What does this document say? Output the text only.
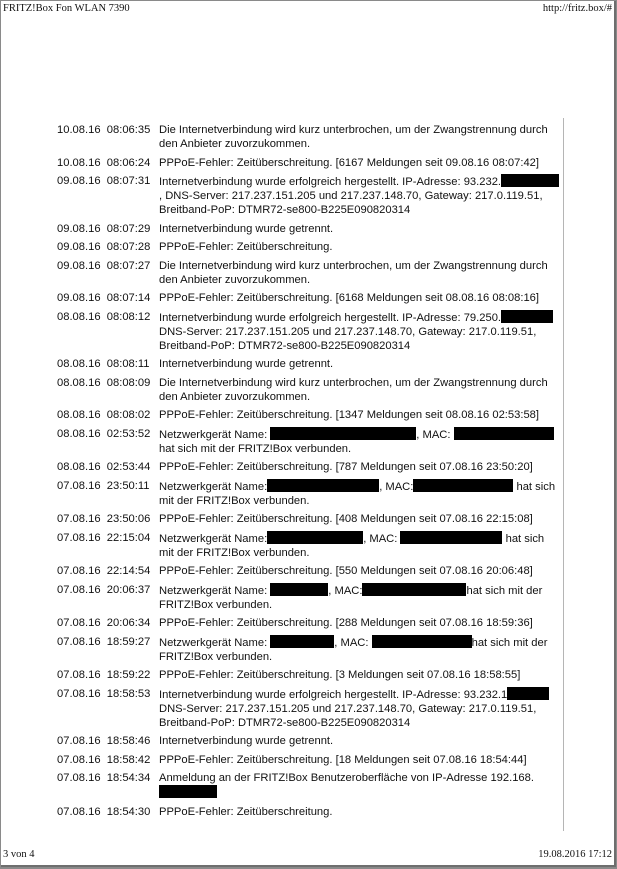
FRITZ!Box Fon WLAN 7390	http://fritz.box/#
10.08.16 08:06:35 Die Internetverbindung wird kurz unterbrochen, um der Zwangstrennung durch den Anbieter zuvorzukommen.
10.08.16 08:06:24 PPPoE-Fehler: Zeitüberschreitung. [6167 Meldungen seit 09.08.16 08:07:42]
09.08.16 08:07:31 Internetverbindung wurde erfolgreich hergestellt. IP-Adresse: 93.232., DNS-Server: 217.237.151.205 und 217.237.148.70, Gateway: 217.0.119.51, Breitband-PoP: DTMR72-se800-B225E090820314
09.08.16 08:07:29 Internetverbindung wurde getrennt.
09.08.16 08:07:28 PPPoE-Fehler: Zeitüberschreitung.
09.08.16 08:07:27 Die Internetverbindung wird kurz unterbrochen, um der Zwangstrennung durch den Anbieter zuvorzukommen.
09.08.16 08:07:14 PPPoE-Fehler: Zeitüberschreitung. [6168 Meldungen seit 08.08.16 08:08:16]
08.08.16 08:08:12 Internetverbindung wurde erfolgreich hergestellt. IP-Adresse: 79.250. DNS-Server: 217.237.151.205 und 217.237.148.70, Gateway: 217.0.119.51, Breitband-PoP: DTMR72-se800-B225E090820314
08.08.16 08:08:11 Internetverbindung wurde getrennt.
08.08.16 08:08:09 Die Internetverbindung wird kurz unterbrochen, um der Zwangstrennung durch den Anbieter zuvorzukommen.
08.08.16 08:08:02 PPPoE-Fehler: Zeitüberschreitung. [1347 Meldungen seit 08.08.16 02:53:58]
08.08.16 02:53:52 Netzwerkgerät Name:	, MAC:  hat sich mit der FRITZ!Box verbunden.
08.08.16 02:53:44 PPPoE-Fehler: Zeitüberschreitung. [787 Meldungen seit 07.08.16 23:50:20]
07.08.16 23:50:11 Netzwerkgerät Name:	, MAC:	hat sich mit der FRITZ!Box verbunden.
07.08.16 23:50:06 PPPoE-Fehler: Zeitüberschreitung. [408 Meldungen seit 07.08.16 22:15:08]
07.08.16 22:15:04 Netzwerkgerät Name:	, MAC:	hat sich mit der FRITZ!Box verbunden.
07.08.16 22:14:54 PPPoE-Fehler: Zeitüberschreitung. [550 Meldungen seit 07.08.16 20:06:48]
07.08.16 20:06:37 Netzwerkgerät Name:	, MAC:	hat sich mit der FRITZ!Box verbunden.
07.08.16 20:06:34 PPPoE-Fehler: Zeitüberschreitung. [288 Meldungen seit 07.08.16 18:59:36]
07.08.16 18:59:27 Netzwerkgerät Name:	, MAC:	hat sich mit der FRITZ!Box verbunden.
07.08.16 18:59:22 PPPoE-Fehler: Zeitüberschreitung. [3 Meldungen seit 07.08.16 18:58:55]
07.08.16 18:58:53 Internetverbindung wurde erfolgreich hergestellt. IP-Adresse: 93.232.1 DNS-Server: 217.237.151.205 und 217.237.148.70, Gateway: 217.0.119.51, Breitband-PoP: DTMR72-se800-B225E090820314
07.08.16 18:58:46 Internetverbindung wurde getrennt.
07.08.16 18:58:42 PPPoE-Fehler: Zeitüberschreitung. [18 Meldungen seit 07.08.16 18:54:44]
07.08.16 18:54:34 Anmeldung an der FRITZ!Box Benutzeroberfläche von IP-Adresse 192.168.
07.08.16 18:54:30 PPPoE-Fehler: Zeitüberschreitung.
3 von 4	19.08.2016 17:12
